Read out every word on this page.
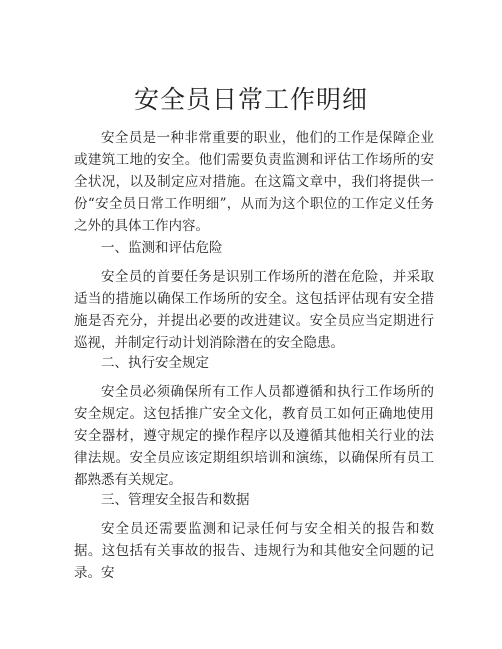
安全员日常工作明细

安全员是一种非常重要的职业，他们的工作是保障企业或建筑工地的安全。他们需要负责监测和评估工作场所的安全状况，以及制定应对措施。在这篇文章中，我们将提供一份“安全员日常工作明细”，从而为这个职位的工作定义任务之外的具体工作内容。

一、监测和评估危险

安全员的首要任务是识别工作场所的潜在危险，并采取适当的措施以确保工作场所的安全。这包括评估现有安全措施是否充分，并提出必要的改进建议。安全员应当定期进行巡视，并制定行动计划消除潜在的安全隐患。

二、执行安全规定

安全员必须确保所有工作人员都遵循和执行工作场所的安全规定。这包括推广安全文化，教育员工如何正确地使用安全器材，遵守规定的操作程序以及遵循其他相关行业的法律法规。安全员应该定期组织培训和演练，以确保所有员工都熟悉有关规定。

三、管理安全报告和数据

安全员还需要监测和记录任何与安全相关的报告和数据。这包括有关事故的报告、违规行为和其他安全问题的记录。安
